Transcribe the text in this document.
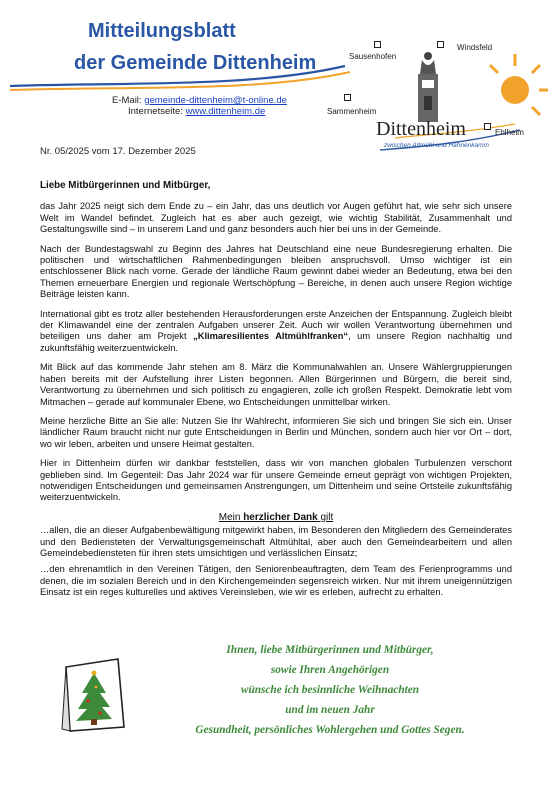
Mitteilungsblatt
der Gemeinde Dittenheim
E-Mail: gemeinde-dittenheim@t-online.de
Internetseite: www.dittenheim.de
Sausenhofen
Windsfeld
Sammenheim
Ehlheim
Dittenheim
zwischen Altmühl und Hahnenkamm
Nr. 05/2025 vom 17. Dezember 2025

Liebe Mitbürgerinnen und Mitbürger,

das Jahr 2025 neigt sich dem Ende zu – ein Jahr, das uns deutlich vor Augen geführt hat, wie sehr sich unsere Welt im Wandel befindet. Zugleich hat es aber auch gezeigt, wie wichtig Stabilität, Zusammenhalt und Gestaltungswille sind – in unserem Land und ganz besonders auch hier bei uns in der Gemeinde.

Nach der Bundestagswahl zu Beginn des Jahres hat Deutschland eine neue Bundesregierung erhalten. Die politischen und wirtschaftlichen Rahmenbedingungen bleiben anspruchsvoll. Umso wichtiger ist ein entschlossener Blick nach vorne. Gerade der ländliche Raum gewinnt dabei wieder an Bedeutung, etwa bei den Themen erneuerbare Energien und regionale Wertschöpfung – Bereiche, in denen auch unsere Region wichtige Beiträge leisten kann.

International gibt es trotz aller bestehenden Herausforderungen erste Anzeichen der Entspannung. Zugleich bleibt der Klimawandel eine der zentralen Aufgaben unserer Zeit. Auch wir wollen Verantwortung übernehmen und beteiligen uns daher am Projekt „Klimaresilientes Altmühlfranken“, um unsere Region nachhaltig und zukunftsfähig weiterzuentwickeln.

Mit Blick auf das kommende Jahr stehen am 8. März die Kommunalwahlen an. Unsere Wählergruppierungen haben bereits mit der Aufstellung ihrer Listen begonnen. Allen Bürgerinnen und Bürgern, die bereit sind, Verantwortung zu übernehmen und sich politisch zu engagieren, zolle ich großen Respekt. Demokratie lebt vom Mitmachen – gerade auf kommunaler Ebene, wo Entscheidungen unmittelbar wirken.

Meine herzliche Bitte an Sie alle: Nutzen Sie Ihr Wahlrecht, informieren Sie sich und bringen Sie sich ein. Unser ländlicher Raum braucht nicht nur gute Entscheidungen in Berlin und München, sondern auch hier vor Ort – dort, wo wir leben, arbeiten und unsere Heimat gestalten.

Hier in Dittenheim dürfen wir dankbar feststellen, dass wir von manchen globalen Turbulenzen verschont geblieben sind. Im Gegenteil: Das Jahr 2024 war für unsere Gemeinde erneut geprägt von wichtigen Projekten, notwendigen Entscheidungen und gemeinsamen Anstrengungen, um Dittenheim und seine Ortsteile zukunftsfähig weiterzuentwickeln.

Mein herzlicher Dank gilt

…allen, die an dieser Aufgabenbewältigung mitgewirkt haben, im Besonderen den Mitgliedern des Gemeinderates und den Bediensteten der Verwaltungsgemeinschaft Altmühltal, aber auch den Gemeindearbeitern und allen Gemeindebediensteten für ihren stets umsichtigen und verlässlichen Einsatz;

…den ehrenamtlich in den Vereinen Tätigen, den Seniorenbeauftragten, dem Team des Ferienprogramms und denen, die im sozialen Bereich und in den Kirchengemeinden segensreich wirken. Nur mit ihrem uneigennützigen Einsatz ist ein reges kulturelles und aktives Vereinsleben, wie wir es erleben, aufrecht zu erhalten.

Ihnen, liebe Mitbürgerinnen und Mitbürger,
sowie Ihren Angehörigen
wünsche ich besinnliche Weihnachten
und im neuen Jahr
Gesundheit, persönliches Wohlergehen und Gottes Segen.
